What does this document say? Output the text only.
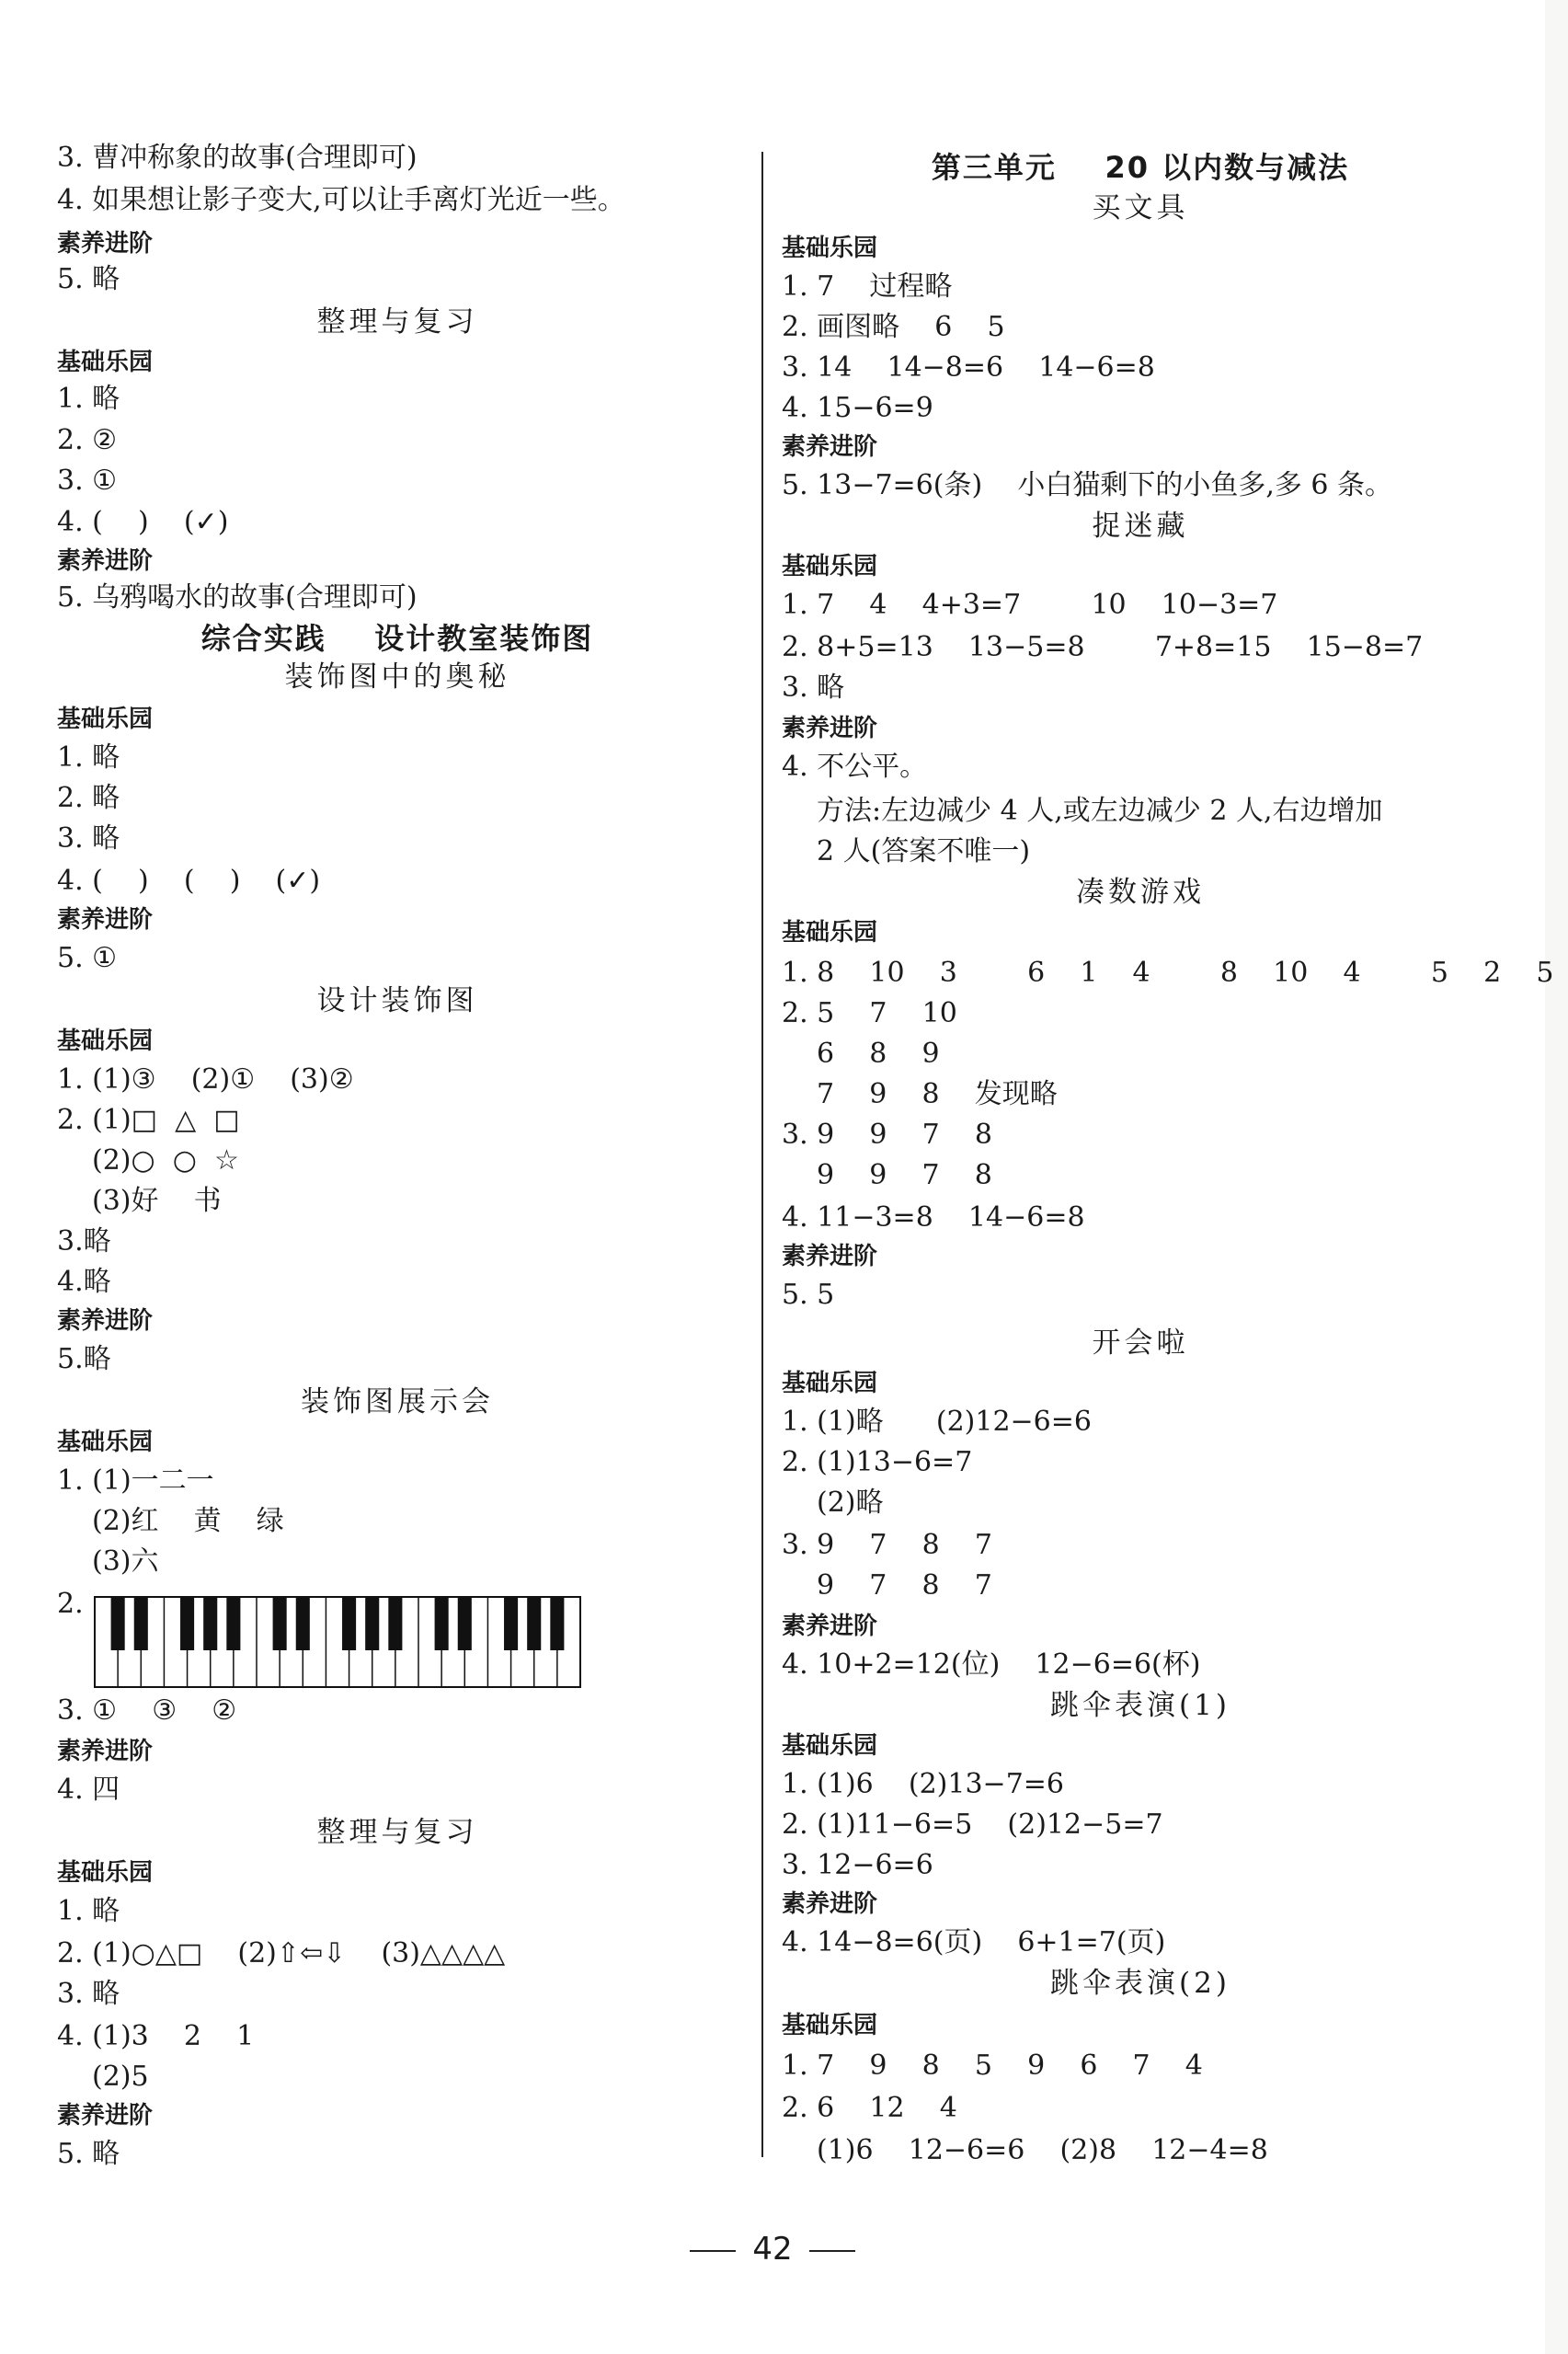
3. 曹冲称象的故事(合理即可)
4. 如果想让影子变大,可以让手离灯光近一些。
素养进阶
5. 略
整理与复习
基础乐园
1. 略
2. ②
3. ①
4. (    )    (✓)
素养进阶
5. 乌鸦喝水的故事(合理即可)
综合实践    设计教室装饰图
装饰图中的奥秘
基础乐园
1. 略
2. 略
3. 略
4. (    )    (    )    (✓)
素养进阶
5. ①
设计装饰图
基础乐园
1. (1)③    (2)①    (3)②
2. (1)□  △  □
(2)○  ○  ☆
(3)好    书
3.略
4.略
素养进阶
5.略
装饰图展示会
基础乐园
1. (1)一二一
(2)红    黄    绿
(3)六
2.
3. ①    ③    ②
素养进阶
4. 四
整理与复习
基础乐园
1. 略
2. (1)○△□    (2)⇧⇦⇩    (3)△△△△
3. 略
4. (1)3    2    1
(2)5
素养进阶
5. 略
第三单元    20 以内数与减法
买文具
基础乐园
1. 7    过程略
2. 画图略    6    5
3. 14    14−8=6    14−6=8
4. 15−6=9
素养进阶
5. 13−7=6(条)    小白猫剩下的小鱼多,多 6 条。
捉迷藏
基础乐园
1. 7    4    4+3=7        10    10−3=7
2. 8+5=13    13−5=8        7+8=15    15−8=7
3. 略
素养进阶
4. 不公平。
方法:左边减少 4 人,或左边减少 2 人,右边增加
2 人(答案不唯一)
凑数游戏
基础乐园
1. 8    10    3        6    1    4        8    10    4        5    2    5
2. 5    7    10
6    8    9
7    9    8    发现略
3. 9    9    7    8
9    9    7    8
4. 11−3=8    14−6=8
素养进阶
5. 5
开会啦
基础乐园
1. (1)略      (2)12−6=6
2. (1)13−6=7
(2)略
3. 9    7    8    7
9    7    8    7
素养进阶
4. 10+2=12(位)    12−6=6(杯)
跳伞表演(1)
基础乐园
1. (1)6    (2)13−7=6
2. (1)11−6=5    (2)12−5=7
3. 12−6=6
素养进阶
4. 14−8=6(页)    6+1=7(页)
跳伞表演(2)
基础乐园
1. 7    9    8    5    9    6    7    4
2. 6    12    4
(1)6    12−6=6    (2)8    12−4=8
42
